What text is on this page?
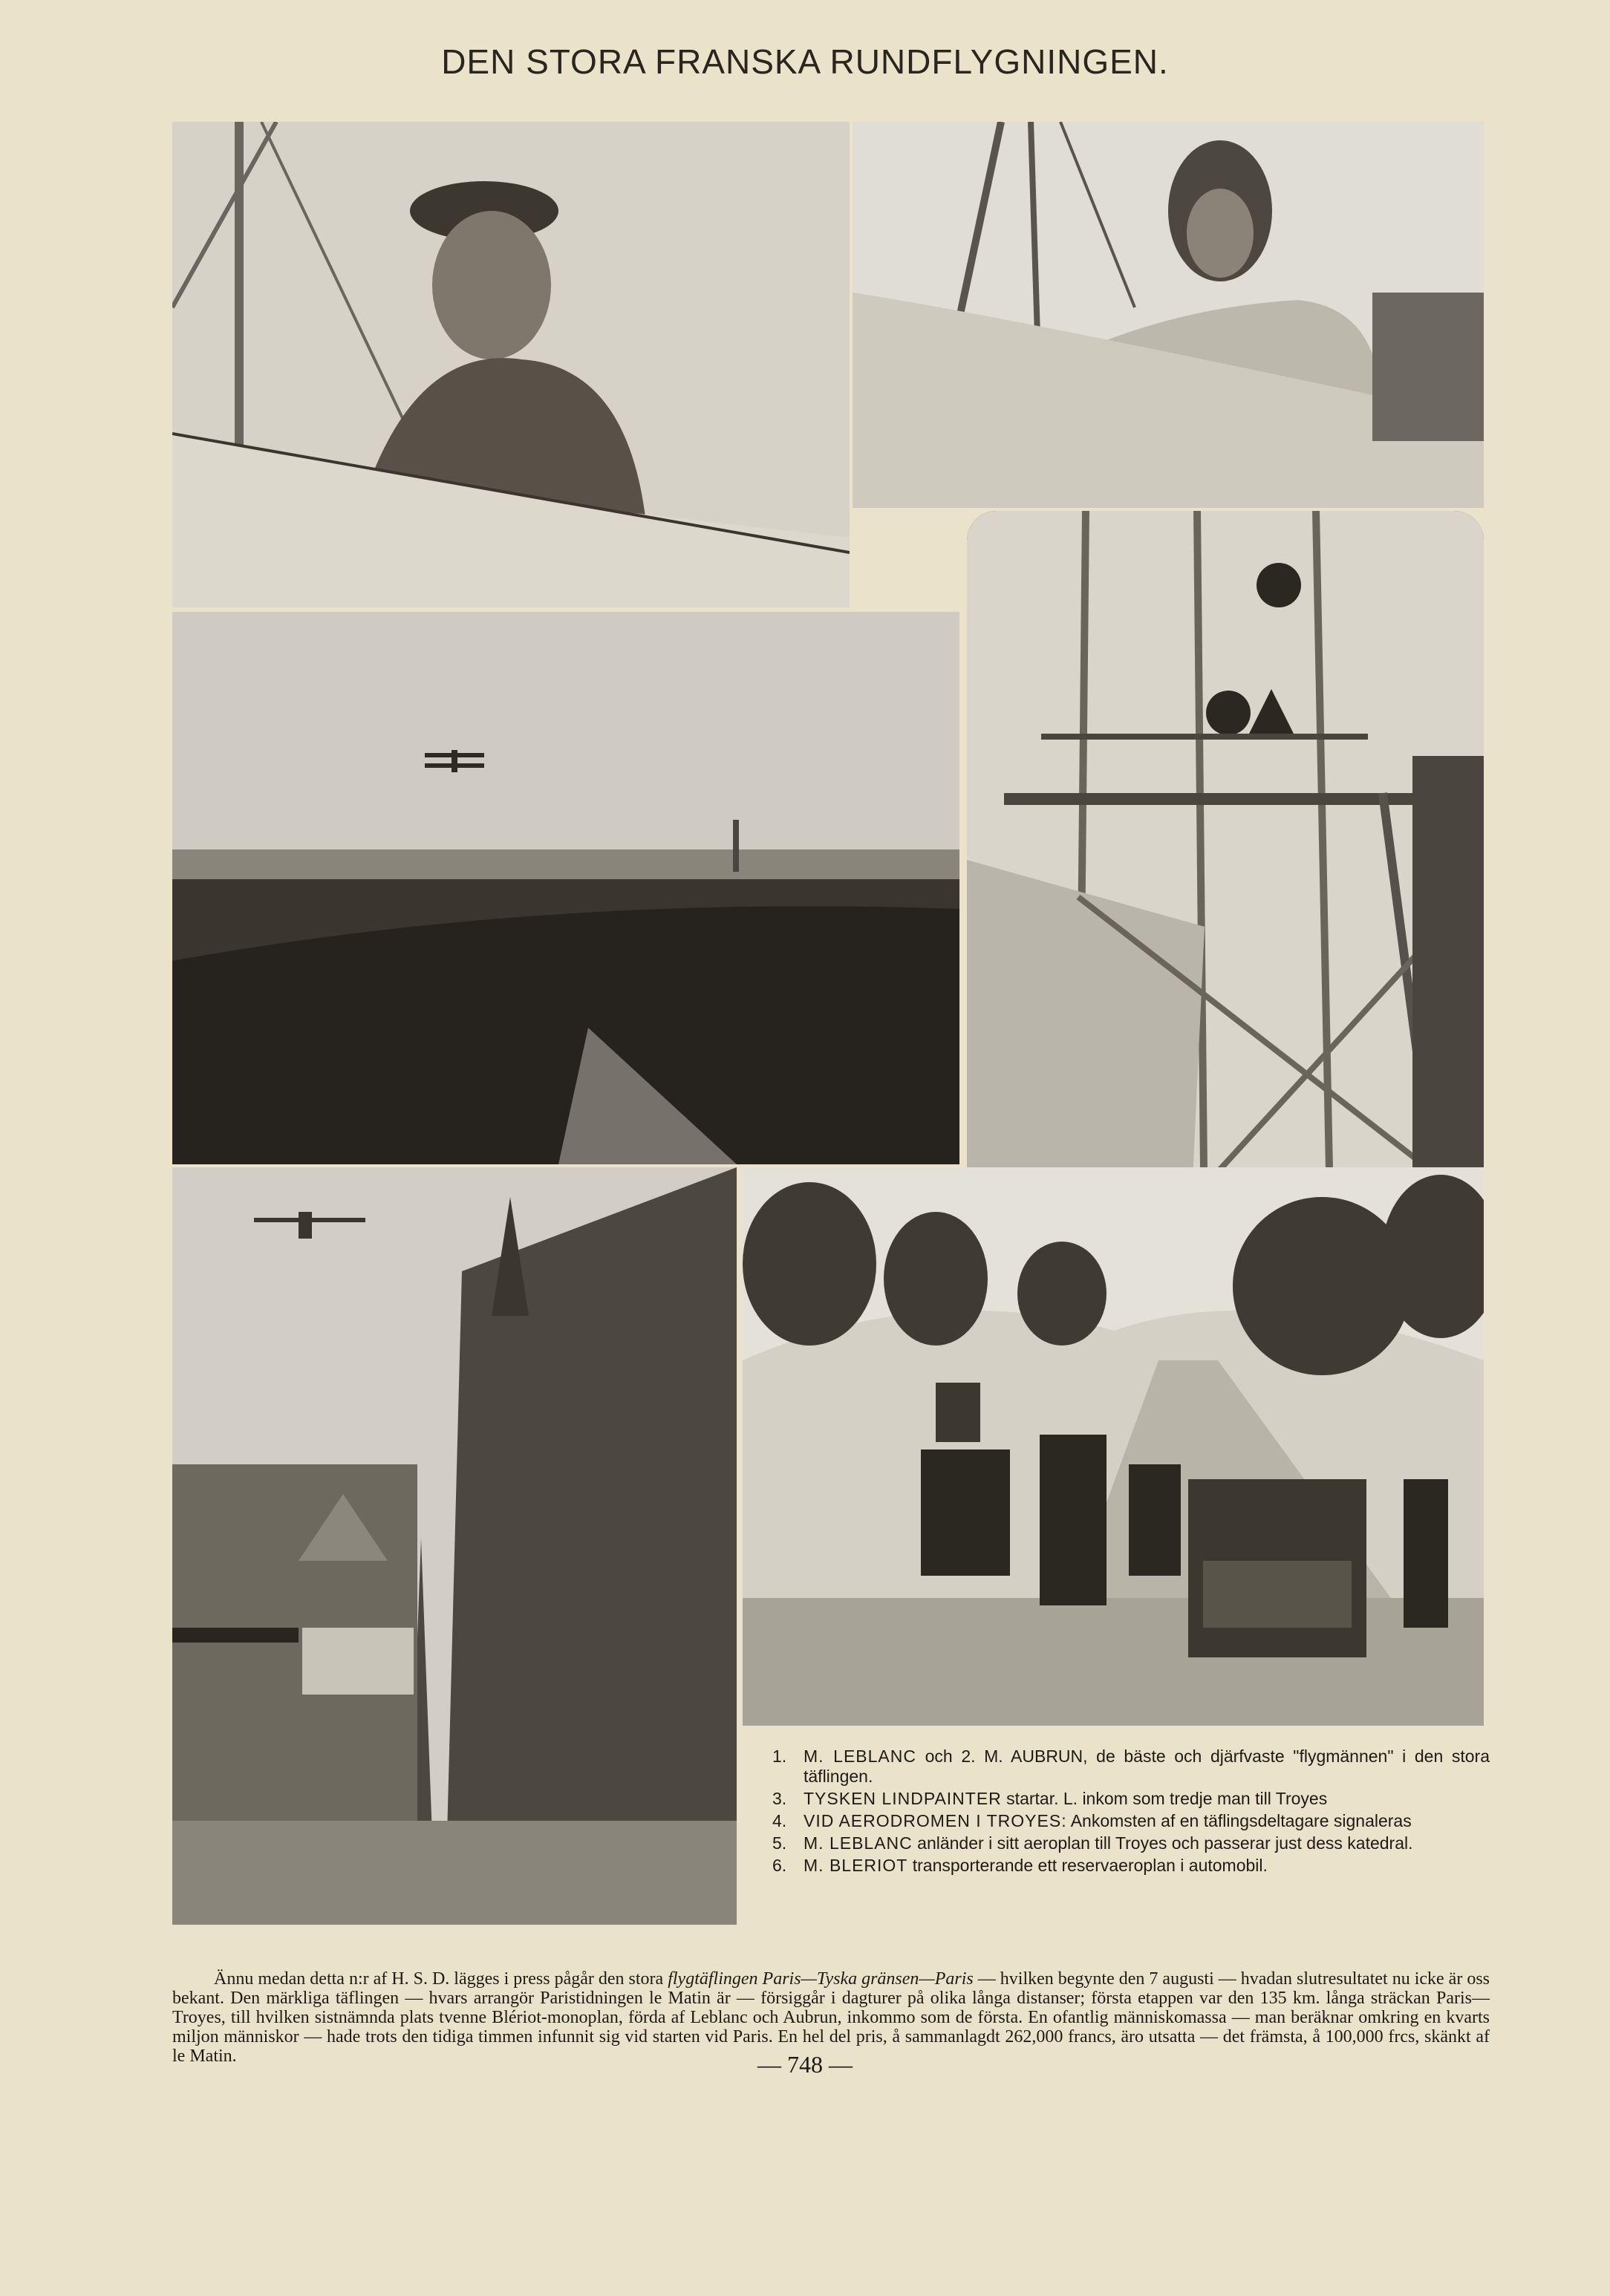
DEN STORA FRANSKA RUNDFLYGNINGEN.
1. M. LEBLANC och 2. M. AUBRUN, de bäste och djärfvaste "flygmännen" i den stora täflingen.
3. TYSKEN LINDPAINTER startar. L. inkom som tredje man till Troyes
4. VID AERODROMEN I TROYES: Ankomsten af en täflingsdeltagare signaleras
5. M. LEBLANC anländer i sitt aeroplan till Troyes och passerar just dess katedral.
6. M. BLERIOT transporterande ett reservaeroplan i automobil.

Ännu medan detta n:r af H. S. D. lägges i press pågår den stora flygtäflingen Paris—Tyska gränsen—Paris — hvilken begynte den 7 augusti — hvadan slutresultatet nu icke är oss bekant. Den märkliga täflingen — hvars arrangör Paristidningen le Matin är — försiggår i dagturer på olika långa distanser; första etappen var den 135 km. långa sträckan Paris—Troyes, till hvilken sistnämnda plats tvenne Blériot-monoplan, förda af Leblanc och Aubrun, inkommo som de första. En ofantlig människomassa — man beräknar omkring en kvarts miljon människor — hade trots den tidiga timmen infunnit sig vid starten vid Paris. En hel del pris, å sammanlagdt 262,000 francs, äro utsatta — det främsta, å 100,000 frcs, skänkt af le Matin.	— 748 —
